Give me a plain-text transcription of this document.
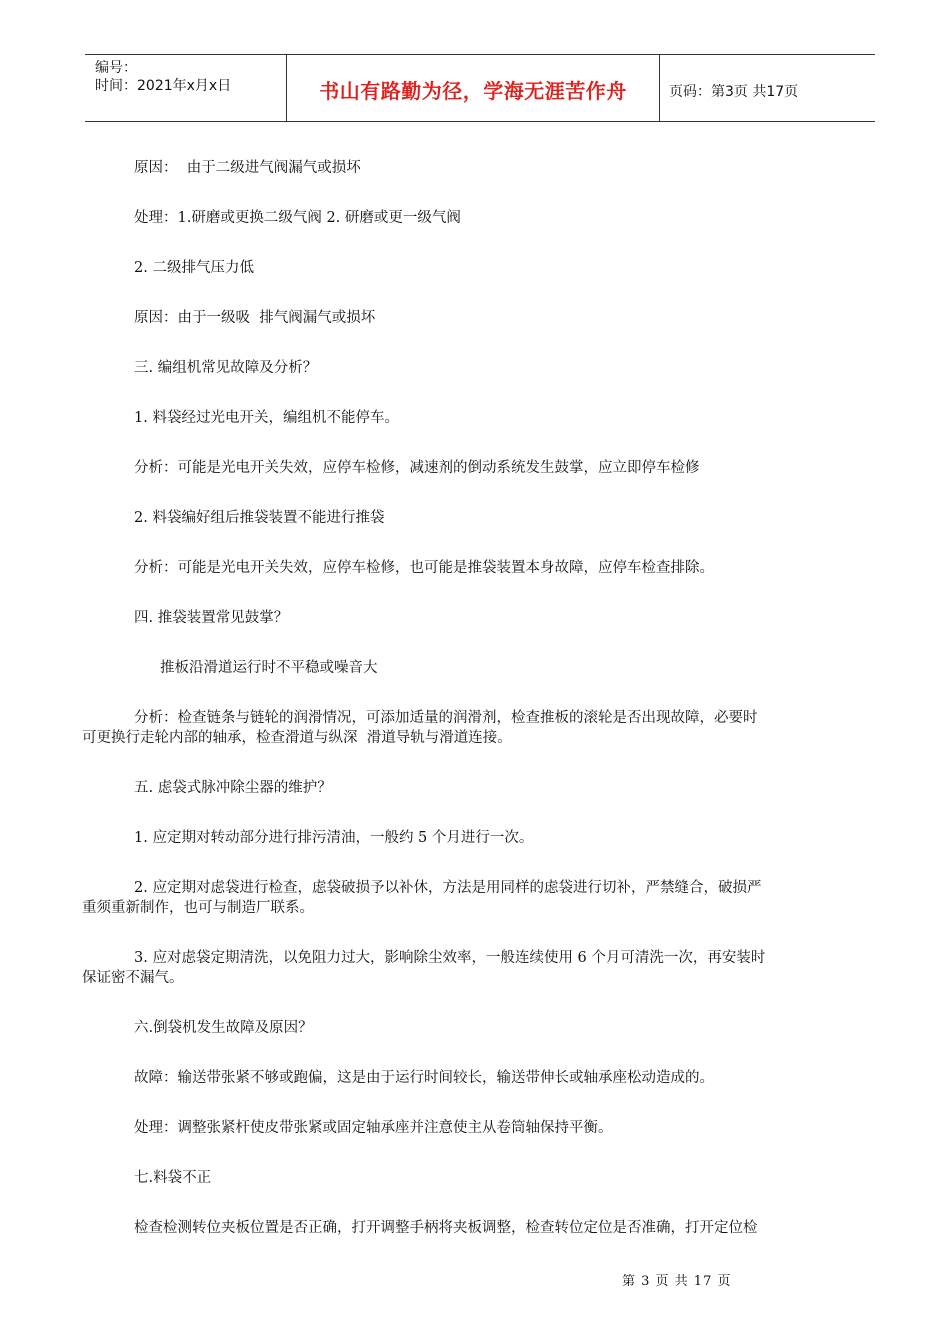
编号：
时间：2021年x月x日	书山有路勤为径，学海无涯苦作舟	页码：第3页 共17页
原因：  由于二级进气阀漏气或损坏
处理：1.研磨或更换二级气阀 2. 研磨或更一级气阀
2. 二级排气压力低
原因：由于一级吸  排气阀漏气或损坏
三. 编组机常见故障及分析？
1. 料袋经过光电开关，编组机不能停车。
分析：可能是光电开关失效，应停车检修，减速剂的倒动系统发生鼓掌，应立即停车检修
2. 料袋编好组后推袋装置不能进行推袋
分析：可能是光电开关失效，应停车检修，也可能是推袋装置本身故障，应停车检查排除。
四. 推袋装置常见鼓掌？
推板沿滑道运行时不平稳或噪音大
分析：检查链条与链轮的润滑情况，可添加适量的润滑剂，检查推板的滚轮是否出现故障，必要时
可更换行走轮内部的轴承，检查滑道与纵深  滑道导轨与滑道连接。
五. 虑袋式脉冲除尘器的维护？
1. 应定期对转动部分进行排污清油，一般约 5 个月进行一次。
2. 应定期对虑袋进行检查，虑袋破损予以补休，方法是用同样的虑袋进行切补，严禁缝合，破损严
重须重新制作，也可与制造厂联系。
3. 应对虑袋定期清洗，以免阻力过大，影响除尘效率，一般连续使用 6 个月可清洗一次，再安装时
保证密不漏气。
六.倒袋机发生故障及原因？
故障：输送带张紧不够或跑偏，这是由于运行时间较长，输送带伸长或轴承座松动造成的。
处理：调整张紧杆使皮带张紧或固定轴承座并注意使主从卷筒轴保持平衡。
七.料袋不正
检查检测转位夹板位置是否正确，打开调整手柄将夹板调整，检查转位定位是否准确，打开定位检
第 3 页 共 17 页
